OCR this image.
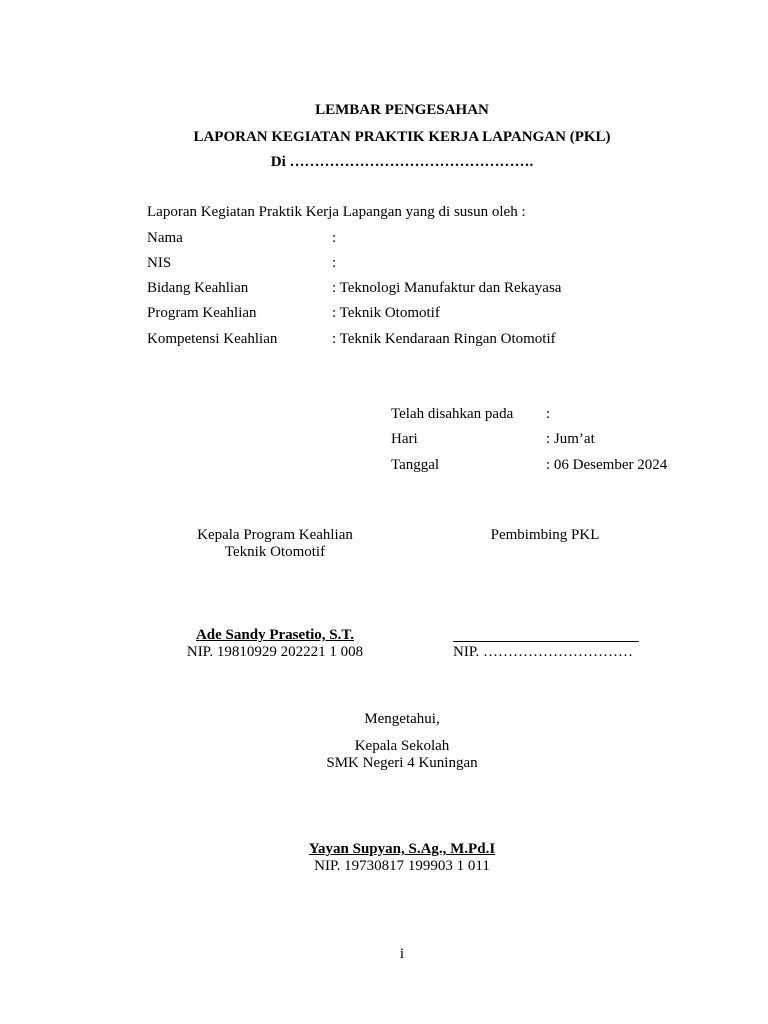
LEMBAR PENGESAHAN
LAPORAN KEGIATAN PRAKTIK KERJA LAPANGAN (PKL)
Di ………………………………………….
Laporan Kegiatan Praktik Kerja Lapangan yang di susun oleh :
Nama	:
NIS	:
Bidang Keahlian	: Teknologi Manufaktur dan Rekayasa
Program Keahlian	: Teknik Otomotif
Kompetensi Keahlian	: Teknik Kendaraan Ringan Otomotif
Telah disahkan pada :
Hari	: Jum’at
Tanggal	: 06 Desember 2024
Kepala Program Keahlian
Teknik Otomotif
Ade Sandy Prasetio, S.T.
NIP. 19810929 202221 1 008
Pembimbing PKL
NIP. …………………………
Mengetahui,
Kepala Sekolah
SMK Negeri 4 Kuningan
Yayan Supyan, S.Ag., M.Pd.I
NIP. 19730817 199903 1 011
i
